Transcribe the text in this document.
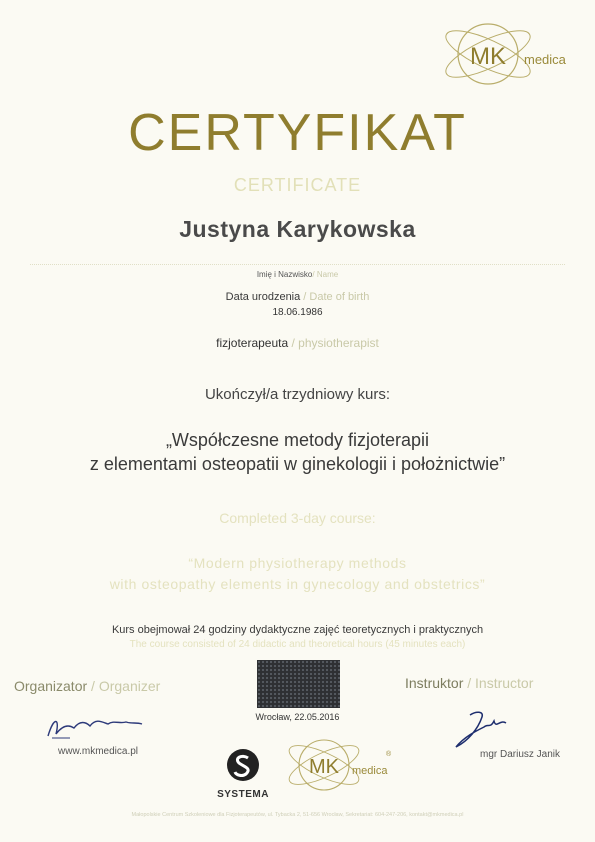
MK medica
CERTYFIKAT
CERTIFICATE
Justyna Karykowska
Imię i Nazwisko/ Name
Data urodzenia / Date of birth
18.06.1986
fizjoterapeuta / physiotherapist
Ukończył/a trzydniowy kurs:
„Współczesne metody fizjoterapii
z elementami osteopatii w ginekologii i położnictwie”
Completed 3-day course:
“Modern physiotherapy methods
with osteopathy elements in gynecology and obstetrics”
Kurs obejmował 24 godziny dydaktyczne zajęć teoretycznych i praktycznych
The course consisted of 24 didactic and theoretical hours (45 minutes each)
Organizator / Organizer	Instruktor / Instructor
Wrocław, 22.05.2016
www.mkmedica.pl	mgr Dariusz Janik
SYSTEMA
MK medica
®
Małopolskie Centrum Szkoleniowe dla Fizjoterapeutów, ul. Tybacka 2, 51-656 Wrocław, Sekretariat: 604-247-206, kontakt@mkmedica.pl
